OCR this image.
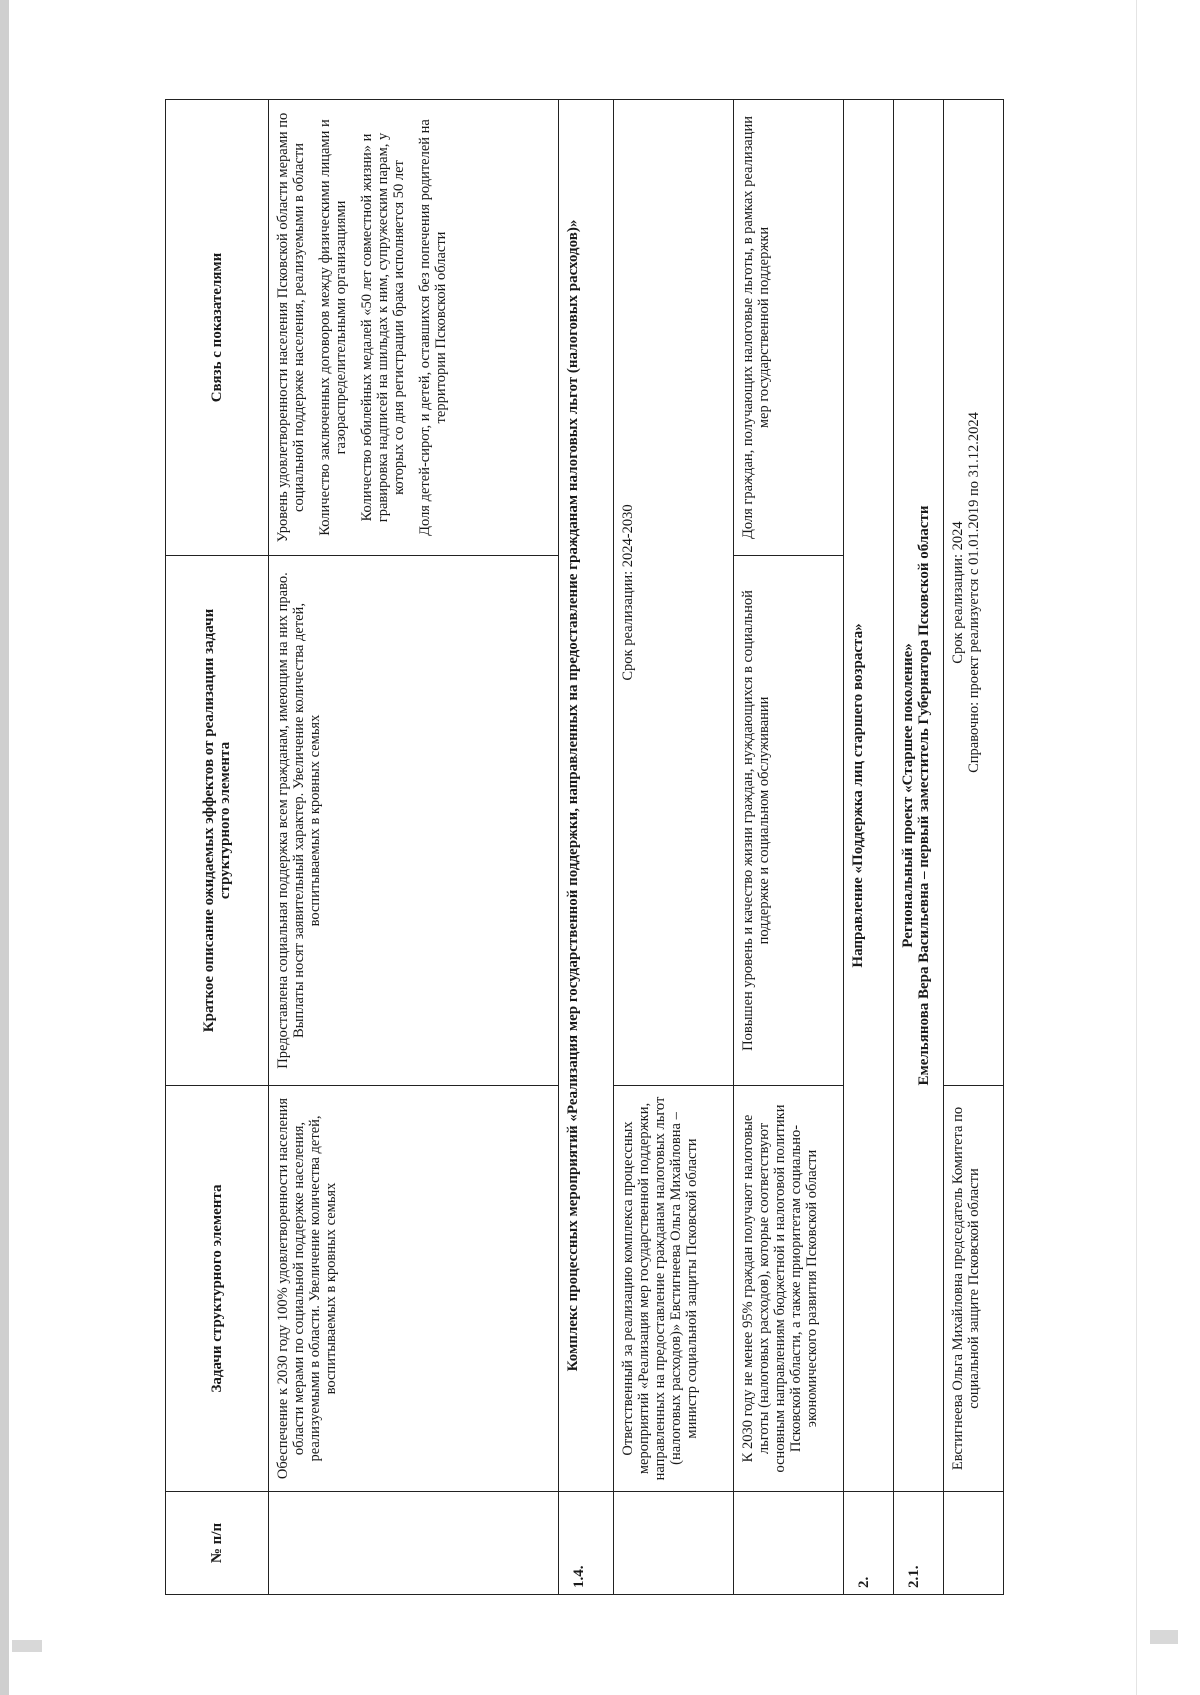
№ п/п	Задачи структурного элемента	Краткое описание ожидаемых эффектов от реализации задачи структурного элемента	Связь с показателями
	Обеспечение к 2030 году 100% удовлетворенности населения области мерами по социальной поддержке населения, реализуемыми в области. Увеличение количества детей, воспитываемых в кровных семьях	Предоставлена социальная поддержка всем гражданам, имеющим на них право. Выплаты носят заявительный характер. Увеличение количества детей, воспитываемых в кровных семьях	Уровень удовлетворенности населения Псковской области мерами по социальной поддержке населения, реализуемыми в области Количество заключенных договоров между физическими лицами и газораспределительными организациями Количество юбилейных медалей «50 лет совместной жизни» и гравировка надписей на шильдах к ним, супружеским парам, у которых со дня регистрации брака исполняется 50 лет Доля детей-сирот, и детей, оставшихся без попечения родителей на территории Псковской области

1.4.	Комплекс процессных мероприятий «Реализация мер государственной поддержки, направленных на предоставление гражданам налоговых льгот (налоговых расходов)»		
	Ответственный за реализацию комплекса процессных мероприятий «Реализация мер государственной поддержки, направленных на предоставление гражданам налоговых льгот (налоговых расходов)» Евстигнеева Ольга Михайловна – министр социальной защиты Псковской области	Срок реализации: 2024-2030	
	К 2030 году не менее 95% граждан получают налоговые льготы (налоговых расходов), которые соответствуют основным направлениям бюджетной и налоговой политики Псковской области, а также приоритетам социально-экономического развития Псковской области	Повышен уровень и качество жизни граждан, нуждающихся в социальной поддержке и социальном обслуживании	Доля граждан, получающих налоговые льготы, в рамках реализации мер государственной поддержки
2.	Направление «Поддержка лиц старшего возраста»		
2.1.	Региональный проект «Старшее поколение» Емельянова Вера Васильевна – первый заместитель Губернатора Псковской области		

	Евстигнеева Ольга Михайловна председатель Комитета по социальной защите Псковской области	Срок реализации: 2024 Справочно: проект реализуется с 01.01.2019 по 31.12.2024	
